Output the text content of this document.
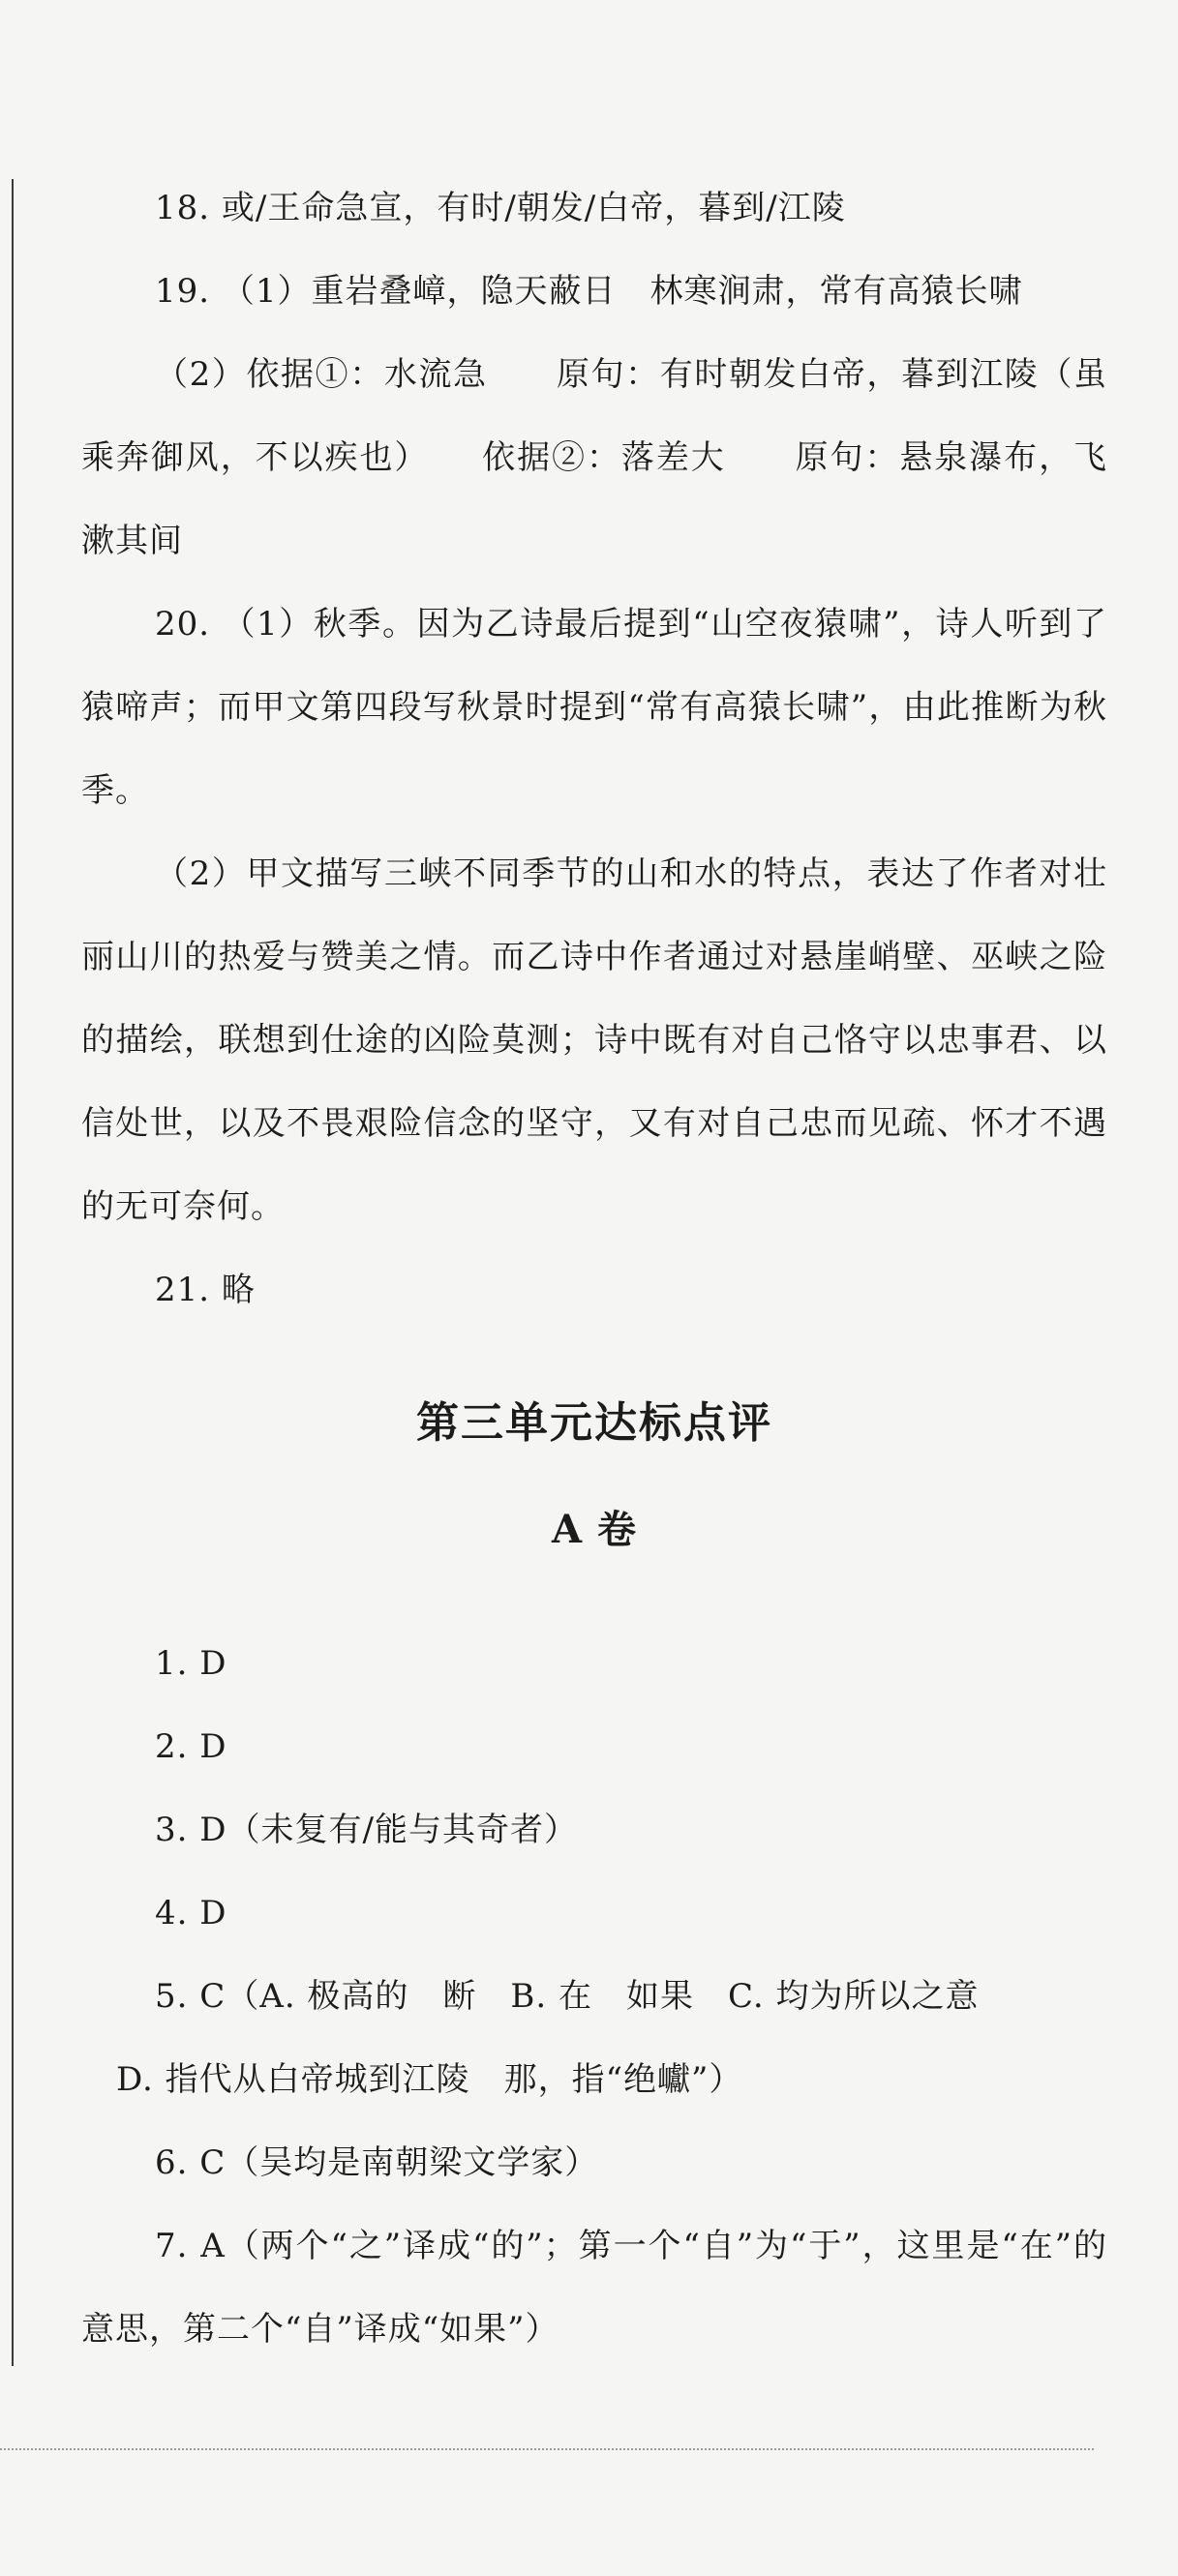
18. 或/王命急宣，有时/朝发/白帝，暮到/江陵

19. （1）重岩叠嶂，隐天蔽日　林寒涧肃，常有高猿长啸

（2）依据①：水流急　　原句：有时朝发白帝，暮到江陵（虽乘奔御风，不以疾也）　　依据②：落差大　　原句：悬泉瀑布，飞漱其间

20. （1）秋季。因为乙诗最后提到“山空夜猿啸”，诗人听到了猿啼声；而甲文第四段写秋景时提到“常有高猿长啸”，由此推断为秋季。

（2）甲文描写三峡不同季节的山和水的特点，表达了作者对壮丽山川的热爱与赞美之情。而乙诗中作者通过对悬崖峭壁、巫峡之险的描绘，联想到仕途的凶险莫测；诗中既有对自己恪守以忠事君、以信处世，以及不畏艰险信念的坚守，又有对自己忠而见疏、怀才不遇的无可奈何。

21. 略

第三单元达标点评
A 卷

1. D

2. D

3. D（未复有/能与其奇者）

4. D

5. C（A. 极高的　断　B. 在　如果　C. 均为所以之意

D. 指代从白帝城到江陵　那，指“绝巘”）

6. C（吴均是南朝梁文学家）

7. A（两个“之”译成“的”；第一个“自”为“于”，这里是“在”的意思，第二个“自”译成“如果”）
